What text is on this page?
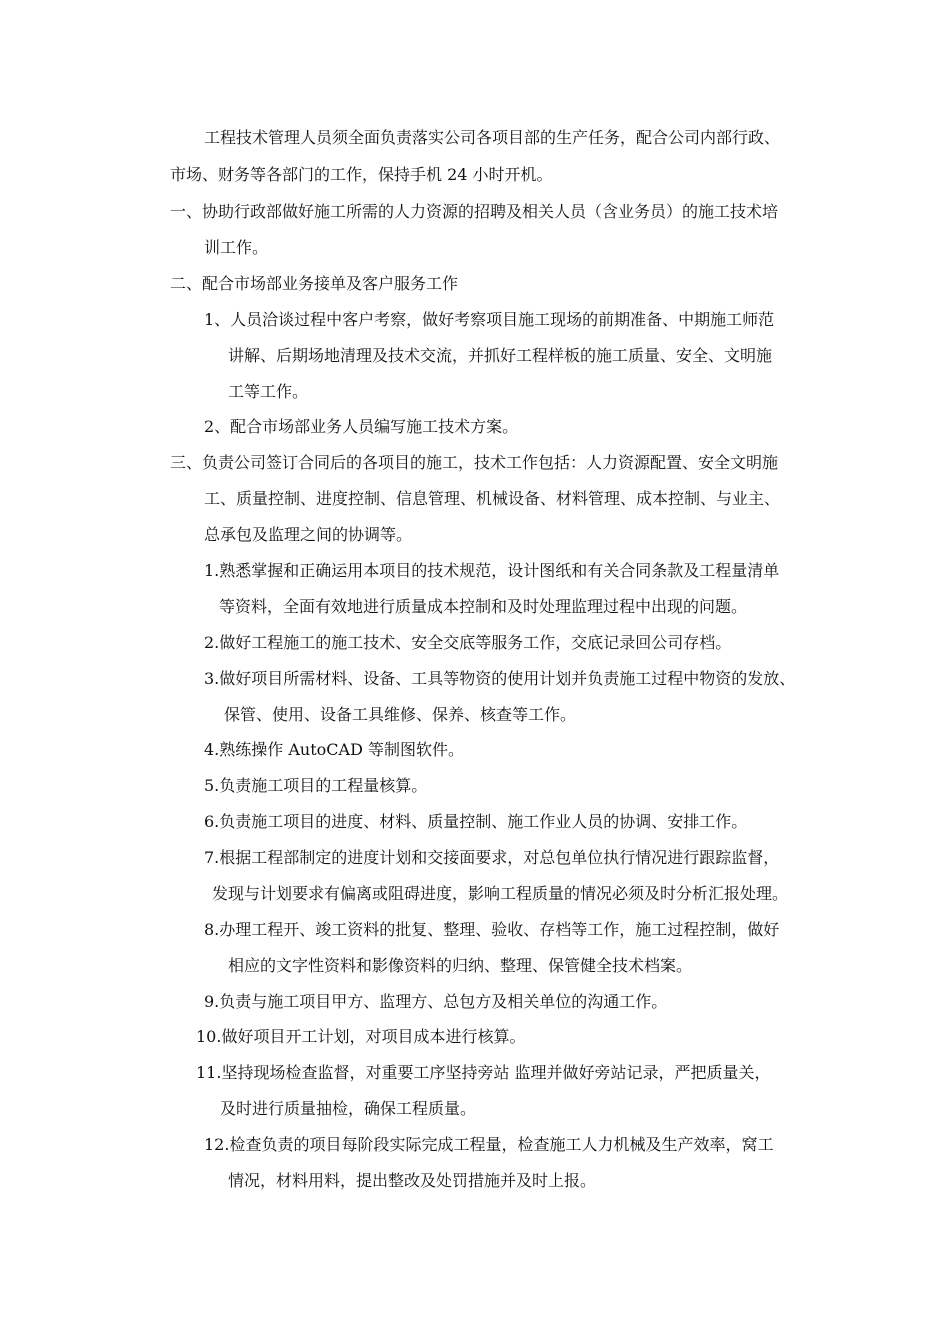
工程技术管理人员须全面负责落实公司各项目部的生产任务，配合公司内部行政、
市场、财务等各部门的工作，保持手机 24 小时开机。
一、协助行政部做好施工所需的人力资源的招聘及相关人员（含业务员）的施工技术培
训工作。
二、配合市场部业务接单及客户服务工作
1、人员洽谈过程中客户考察，做好考察项目施工现场的前期准备、中期施工师范
讲解、后期场地清理及技术交流，并抓好工程样板的施工质量、安全、文明施
工等工作。
2、配合市场部业务人员编写施工技术方案。
三、负责公司签订合同后的各项目的施工，技术工作包括：人力资源配置、安全文明施
工、质量控制、进度控制、信息管理、机械设备、材料管理、成本控制、与业主、
总承包及监理之间的协调等。
1.熟悉掌握和正确运用本项目的技术规范，设计图纸和有关合同条款及工程量清单
等资料，全面有效地进行质量成本控制和及时处理监理过程中出现的问题。
2.做好工程施工的施工技术、安全交底等服务工作，交底记录回公司存档。
3.做好项目所需材料、设备、工具等物资的使用计划并负责施工过程中物资的发放、
保管、使用、设备工具维修、保养、核查等工作。
4.熟练操作 AutoCAD 等制图软件。
5.负责施工项目的工程量核算。
6.负责施工项目的进度、材料、质量控制、施工作业人员的协调、安排工作。
7.根据工程部制定的进度计划和交接面要求，对总包单位执行情况进行跟踪监督，
发现与计划要求有偏离或阻碍进度，影响工程质量的情况必须及时分析汇报处理。
8.办理工程开、竣工资料的批复、整理、验收、存档等工作，施工过程控制，做好
相应的文字性资料和影像资料的归纳、整理、保管健全技术档案。
9.负责与施工项目甲方、监理方、总包方及相关单位的沟通工作。
10.做好项目开工计划，对项目成本进行核算。
11.坚持现场检查监督，对重要工序坚持旁站 监理并做好旁站记录，严把质量关，
及时进行质量抽检，确保工程质量。
12.检查负责的项目每阶段实际完成工程量，检查施工人力机械及生产效率，窝工
情况，材料用料，提出整改及处罚措施并及时上报。
